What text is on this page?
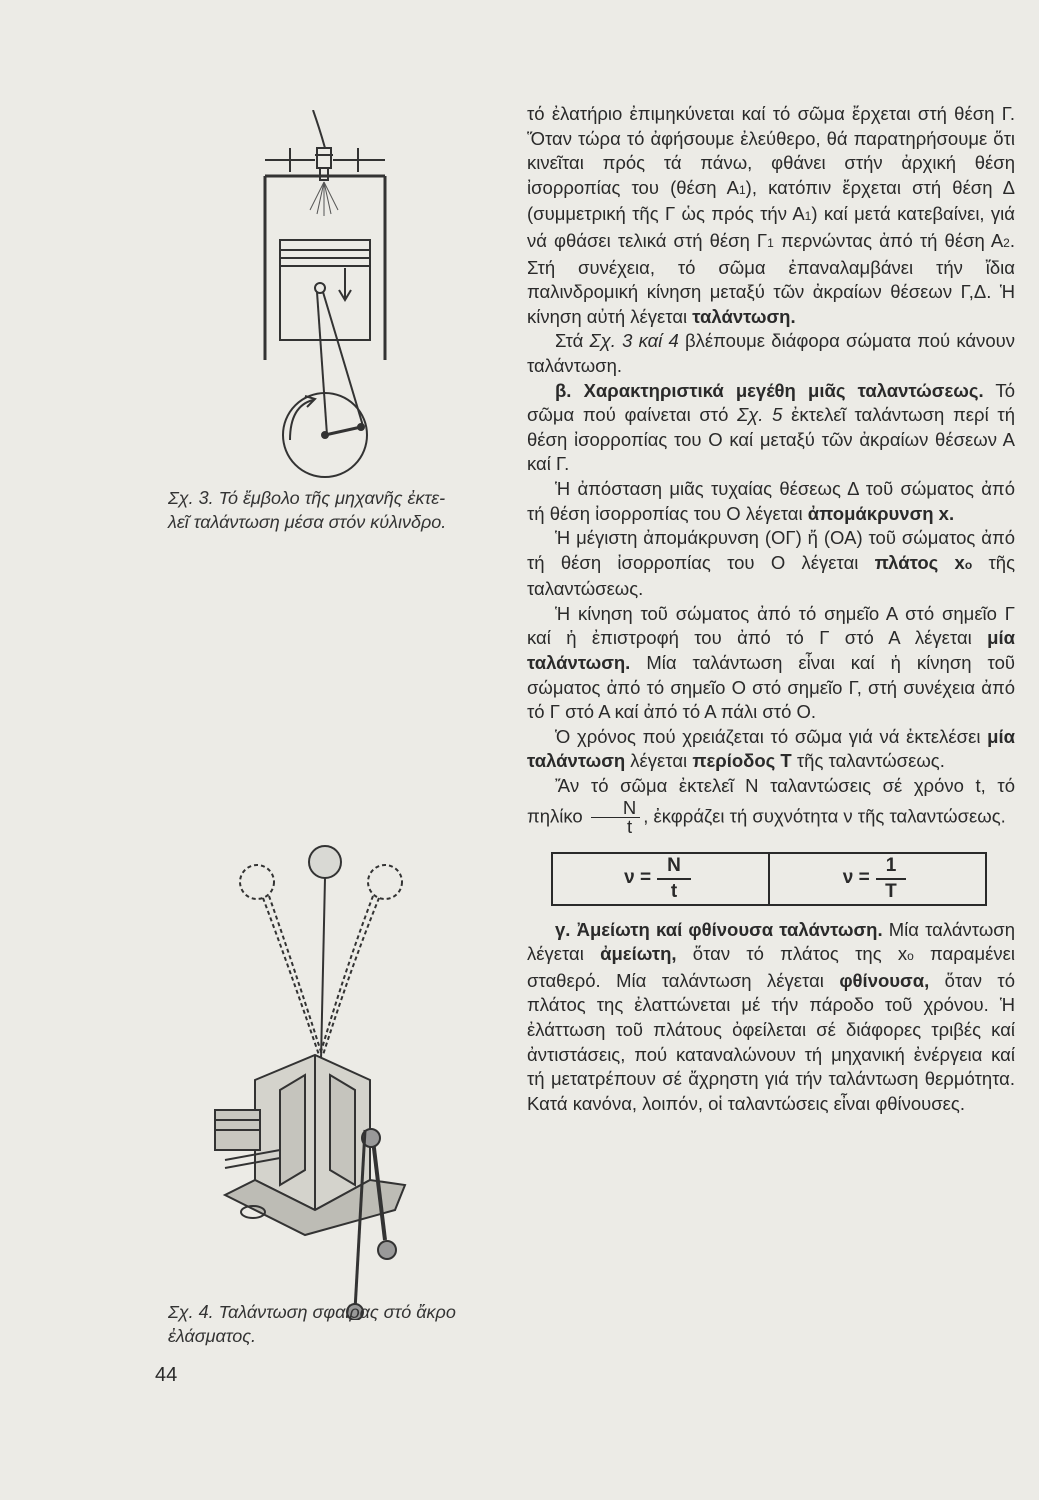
Σχ. 3. Τό ἔμβολο τῆς μηχανῆς ἐκτε-
λεῖ ταλάντωση μέσα στόν κύλινδρο.
Σχ. 4. Ταλάντωση σφαίρας στό ἄκρο
ἐλάσματος.
44

τό ἐλατήριο ἐπιμηκύνεται καί τό σῶμα ἔρχεται στή θέση Γ. Ὅταν τώρα τό ἀφήσουμε ἐλεύθερο, θά παρατηρήσουμε ὅτι κινεῖται πρός τά πάνω, φθάνει στήν ἀρχική θέση ἰσορροπίας του (θέση Α1), κατόπιν ἔρχεται στή θέση Δ (συμμετρική τῆς Γ ὡς πρός τήν Α1) καί μετά κατεβαίνει, γιά νά φθάσει τελικά στή θέση Γ1 περνώντας ἀπό τή θέση Α2. Στή συνέχεια, τό σῶμα ἐπαναλαμβάνει τήν ἴδια παλινδρομική κίνηση μεταξύ τῶν ἀκραίων θέσεων Γ,Δ. Ἡ κίνηση αὐτή λέγεται ταλάντωση.

Στά Σχ. 3 καί 4 βλέπουμε διάφορα σώματα πού κάνουν ταλάντωση.

β. Χαρακτηριστικά μεγέθη μιᾶς ταλαντώσεως. Τό σῶμα πού φαίνεται στό Σχ. 5 ἐκτελεῖ ταλάντωση περί τή θέση ἰσορροπίας του Ο καί μεταξύ τῶν ἀκραίων θέσεων Α καί Γ.

Ἡ ἀπόσταση μιᾶς τυχαίας θέσεως Δ τοῦ σώματος ἀπό τή θέση ἰσορροπίας του Ο λέγεται ἀπομάκρυνση x.

Ἡ μέγιστη ἀπομάκρυνση (ΟΓ) ἤ (ΟΑ) τοῦ σώματος ἀπό τή θέση ἰσορροπίας του Ο λέγεται πλάτος xo τῆς ταλαντώσεως.

Ἡ κίνηση τοῦ σώματος ἀπό τό σημεῖο Α στό σημεῖο Γ καί ἡ ἐπιστροφή του ἀπό τό Γ στό Α λέγεται μία ταλάντωση. Μία ταλάντωση εἶναι καί ἡ κίνηση τοῦ σώματος ἀπό τό σημεῖο Ο στό σημεῖο Γ, στή συνέχεια ἀπό τό Γ στό Α καί ἀπό τό Α πάλι στό Ο.

Ὁ χρόνος πού χρειάζεται τό σῶμα γιά νά ἐκτελέσει μία ταλάντωση λέγεται περίοδος Τ τῆς ταλαντώσεως.

Ἄν τό σῶμα ἐκτελεῖ Ν ταλαντώσεις σέ χρόνο t, τό πηλίκο $\frac{N}{t}$ , ἐκφράζει τή συχνότητα ν τῆς ταλαντώσεως.

$\nu = \frac{N}{t}$	$\nu = \frac{1}{T}$

γ. Ἀμείωτη καί φθίνουσα ταλάντωση. Μία ταλάντωση λέγεται ἀμείωτη, ὅταν τό πλάτος της xo παραμένει σταθερό. Μία ταλάντωση λέγεται φθίνουσα, ὅταν τό πλάτος της ἐλαττώνεται μέ τήν πάροδο τοῦ χρόνου. Ἡ ἐλάττωση τοῦ πλάτους ὀφείλεται σέ διάφορες τριβές καί ἀντιστάσεις, πού καταναλώνουν τή μηχανική ἐνέργεια καί τή μετατρέπουν σέ ἄχρηστη γιά τήν ταλάντωση θερμότητα. Κατά κανόνα, λοιπόν, οἱ ταλαντώσεις εἶναι φθίνουσες.
